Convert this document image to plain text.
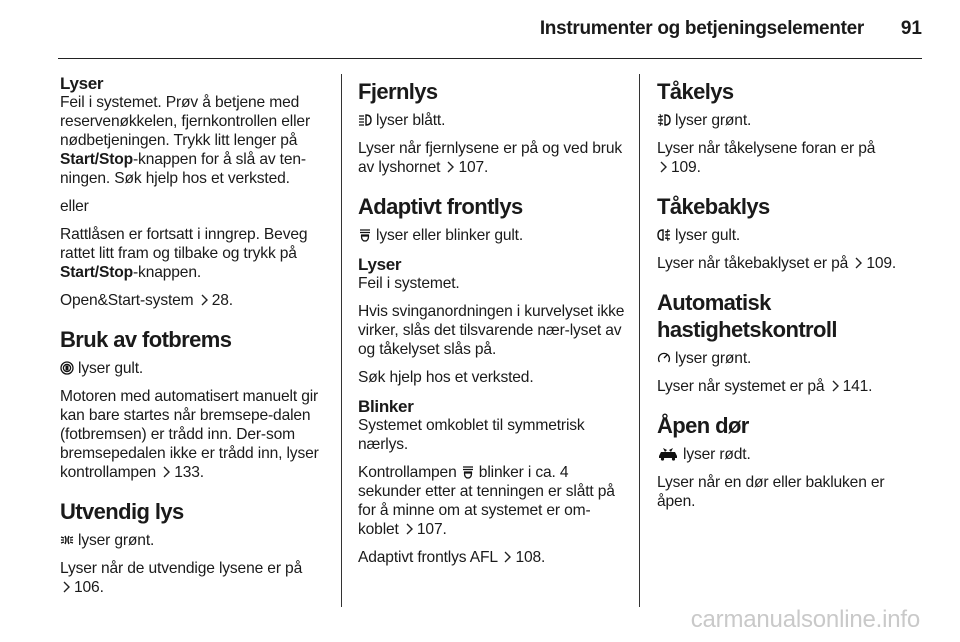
Instrumenter og betjeningselementer 91
Lyser

Feil i systemet. Prøv å betjene med reservenøkkelen, fjernkontrollen eller nødbetjeningen. Trykk litt lenger på Start/Stop-knappen for å slå av ten-ningen. Søk hjelp hos et verksted.

eller

Rattlåsen er fortsatt i inngrep. Beveg rattet litt fram og tilbake og trykk på Start/Stop-knappen.

Open&Start-system 28.

Bruk av fotbrems

lyser gult.

Motoren med automatisert manuelt gir kan bare startes når bremsepe-dalen (fotbremsen) er trådd inn. Der-som bremsepedalen ikke er trådd inn, lyser kontrollampen 133.

Utvendig lys

lyser grønt.

Lyser når de utvendige lysene er på

106.

Fjernlys

lyser blått.

Lyser når fjernlysene er på og ved bruk av lyshornet 107.

Adaptivt frontlys

lyser eller blinker gult.

Lyser

Feil i systemet.

Hvis svinganordningen i kurvelyset ikke virker, slås det tilsvarende nær-lyset av og tåkelyset slås på.

Søk hjelp hos et verksted.

Blinker

Systemet omkoblet til symmetrisk nærlys.

Kontrollampen blinker i ca. 4 sekunder etter at tenningen er slått på for å minne om at systemet er om-koblet 107.

Adaptivt frontlys AFL 108.

Tåkelys

lyser grønt.

Lyser når tåkelysene foran er på

109.

Tåkebaklys

lyser gult.

Lyser når tåkebaklyset er på 109.

Automatisk hastighetskontroll

lyser grønt.

Lyser når systemet er på 141.

Åpen dør

lyser rødt.

Lyser når en dør eller bakluken er åpen.

carmanualsonline.info
